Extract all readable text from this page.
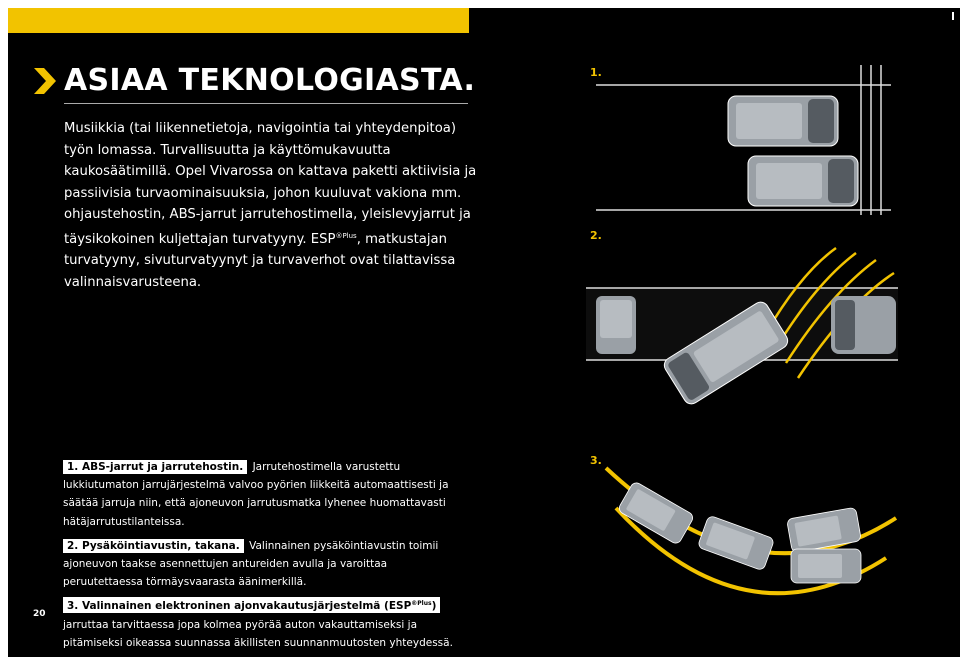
ASIAA TEKNOLOGIASTA.

Musiikkia (tai liikennetietoja, navigointia tai yhteydenpitoa) työn lomassa. Turvallisuutta ja käyttömukavuutta kaukosäätimillä. Opel Vivarossa on kattava paketti aktiivisia ja passiivisia turvaominaisuuksia, johon kuuluvat vakiona mm. ohjaustehostin, ABS-jarrut jarrutehostimella, yleislevyjarrut ja täysikokoinen kuljettajan turvatyyny. $ESP^{®Plus}$, matkustajan turvatyyny, sivuturvatyynyt ja turvaverhot ovat tilattavissa valinnaisvarusteena.

1.
2.
3.

1. ABS-jarrut ja jarrutehostin. Jarrutehostimella varustettu lukkiutumaton jarrujärjestelmä valvoo pyörien liikkeitä automaattisesti ja säätää jarruja niin, että ajoneuvon jarrutusmatka lyhenee huomattavasti hätäjarrutustilanteissa.

2. Pysäköintiavustin, takana. Valinnainen pysäköintiavustin toimii ajoneuvon taakse asennettujen antureiden avulla ja varoittaa peruutettaessa törmäysvaarasta äänimerkillä.

3. Valinnainen elektroninen ajonvakautusjärjestelmä $(ESP^{®Plus})$ jarruttaa tarvittaessa jopa kolmea pyörää auton vakauttamiseksi ja pitämiseksi oikeassa suunnassa äkillisten suunnanmuutosten yhteydessä.

20
